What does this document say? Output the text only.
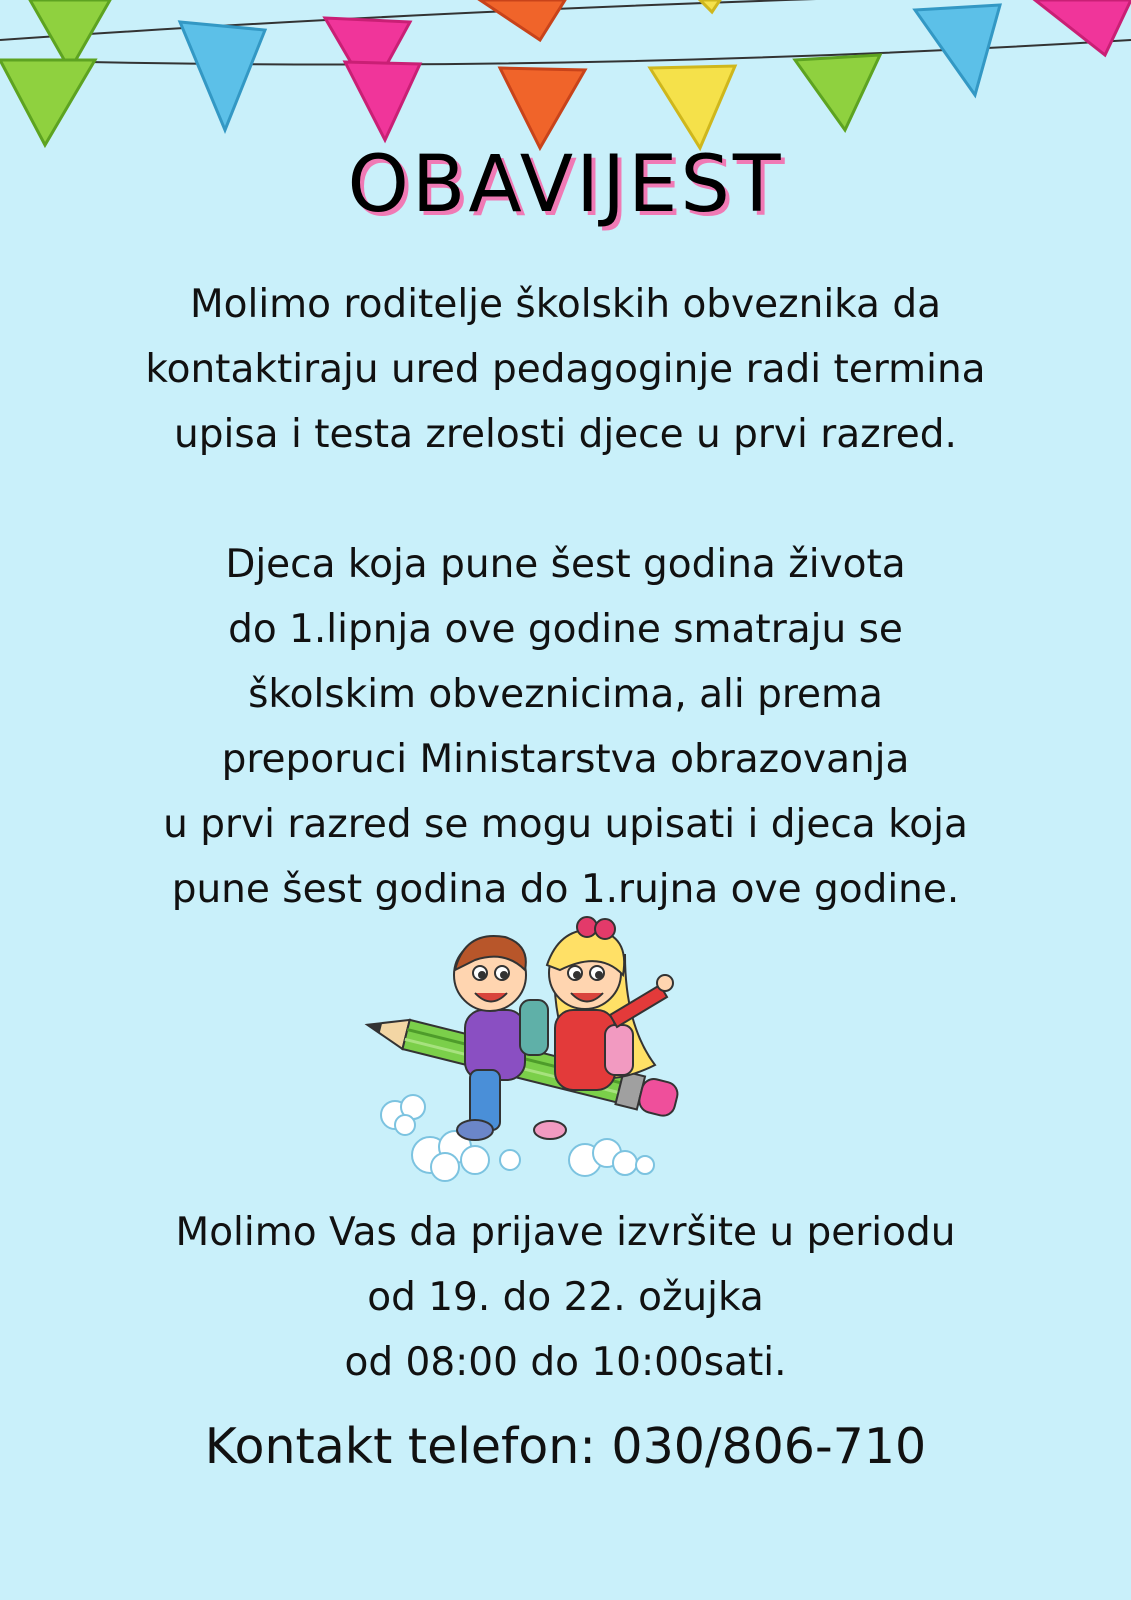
OBAVIJEST

Molimo roditelje školskih obveznika da
kontaktiraju ured pedagoginje radi termina
upisa i testa zrelosti djece u prvi razred.

Djeca koja pune šest godina života
do 1.lipnja ove godine smatraju se
školskim obveznicima, ali prema
preporuci Ministarstva obrazovanja
u prvi razred se mogu upisati i djeca koja
pune šest godina do 1.rujna ove godine.

Molimo Vas da prijave izvršite u periodu
od 19. do 22. ožujka
od 08:00 do 10:00sati.

Kontakt telefon: 030/806-710
